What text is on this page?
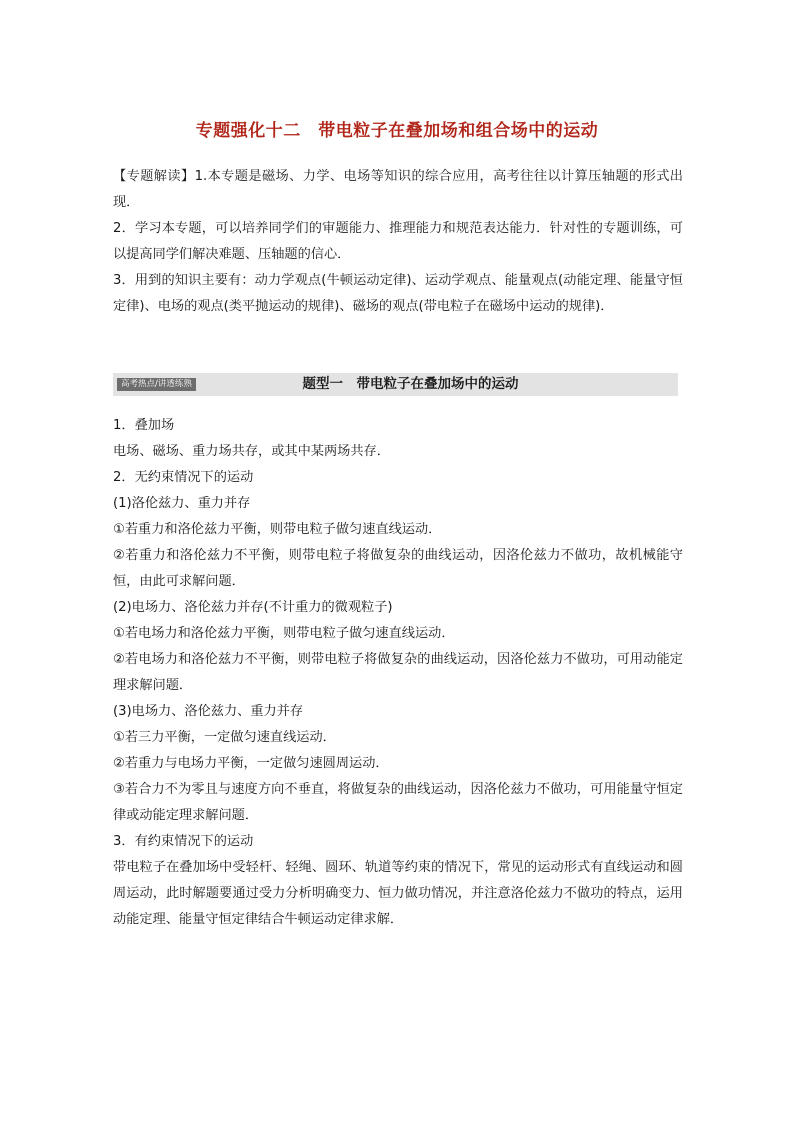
专题强化十二　带电粒子在叠加场和组合场中的运动

【专题解读】1.本专题是磁场、力学、电场等知识的综合应用，高考往往以计算压轴题的形式出现．

2．学习本专题，可以培养同学们的审题能力、推理能力和规范表达能力．针对性的专题训练，可以提高同学们解决难题、压轴题的信心．

3．用到的知识主要有：动力学观点(牛顿运动定律)、运动学观点、能量观点(动能定理、能量守恒定律)、电场的观点(类平抛运动的规律)、磁场的观点(带电粒子在磁场中运动的规律)．

高考热点/讲透练熟	题型一　带电粒子在叠加场中的运动

1．叠加场

电场、磁场、重力场共存，或其中某两场共存．

2．无约束情况下的运动

(1)洛伦兹力、重力并存

①若重力和洛伦兹力平衡，则带电粒子做匀速直线运动．

②若重力和洛伦兹力不平衡，则带电粒子将做复杂的曲线运动，因洛伦兹力不做功，故机械能守恒，由此可求解问题．

(2)电场力、洛伦兹力并存(不计重力的微观粒子)

①若电场力和洛伦兹力平衡，则带电粒子做匀速直线运动．

②若电场力和洛伦兹力不平衡，则带电粒子将做复杂的曲线运动，因洛伦兹力不做功，可用动能定理求解问题．

(3)电场力、洛伦兹力、重力并存

①若三力平衡，一定做匀速直线运动．

②若重力与电场力平衡，一定做匀速圆周运动．

③若合力不为零且与速度方向不垂直，将做复杂的曲线运动，因洛伦兹力不做功，可用能量守恒定律或动能定理求解问题．

3．有约束情况下的运动

带电粒子在叠加场中受轻杆、轻绳、圆环、轨道等约束的情况下，常见的运动形式有直线运动和圆周运动，此时解题要通过受力分析明确变力、恒力做功情况，并注意洛伦兹力不做功的特点，运用动能定理、能量守恒定律结合牛顿运动定律求解．
